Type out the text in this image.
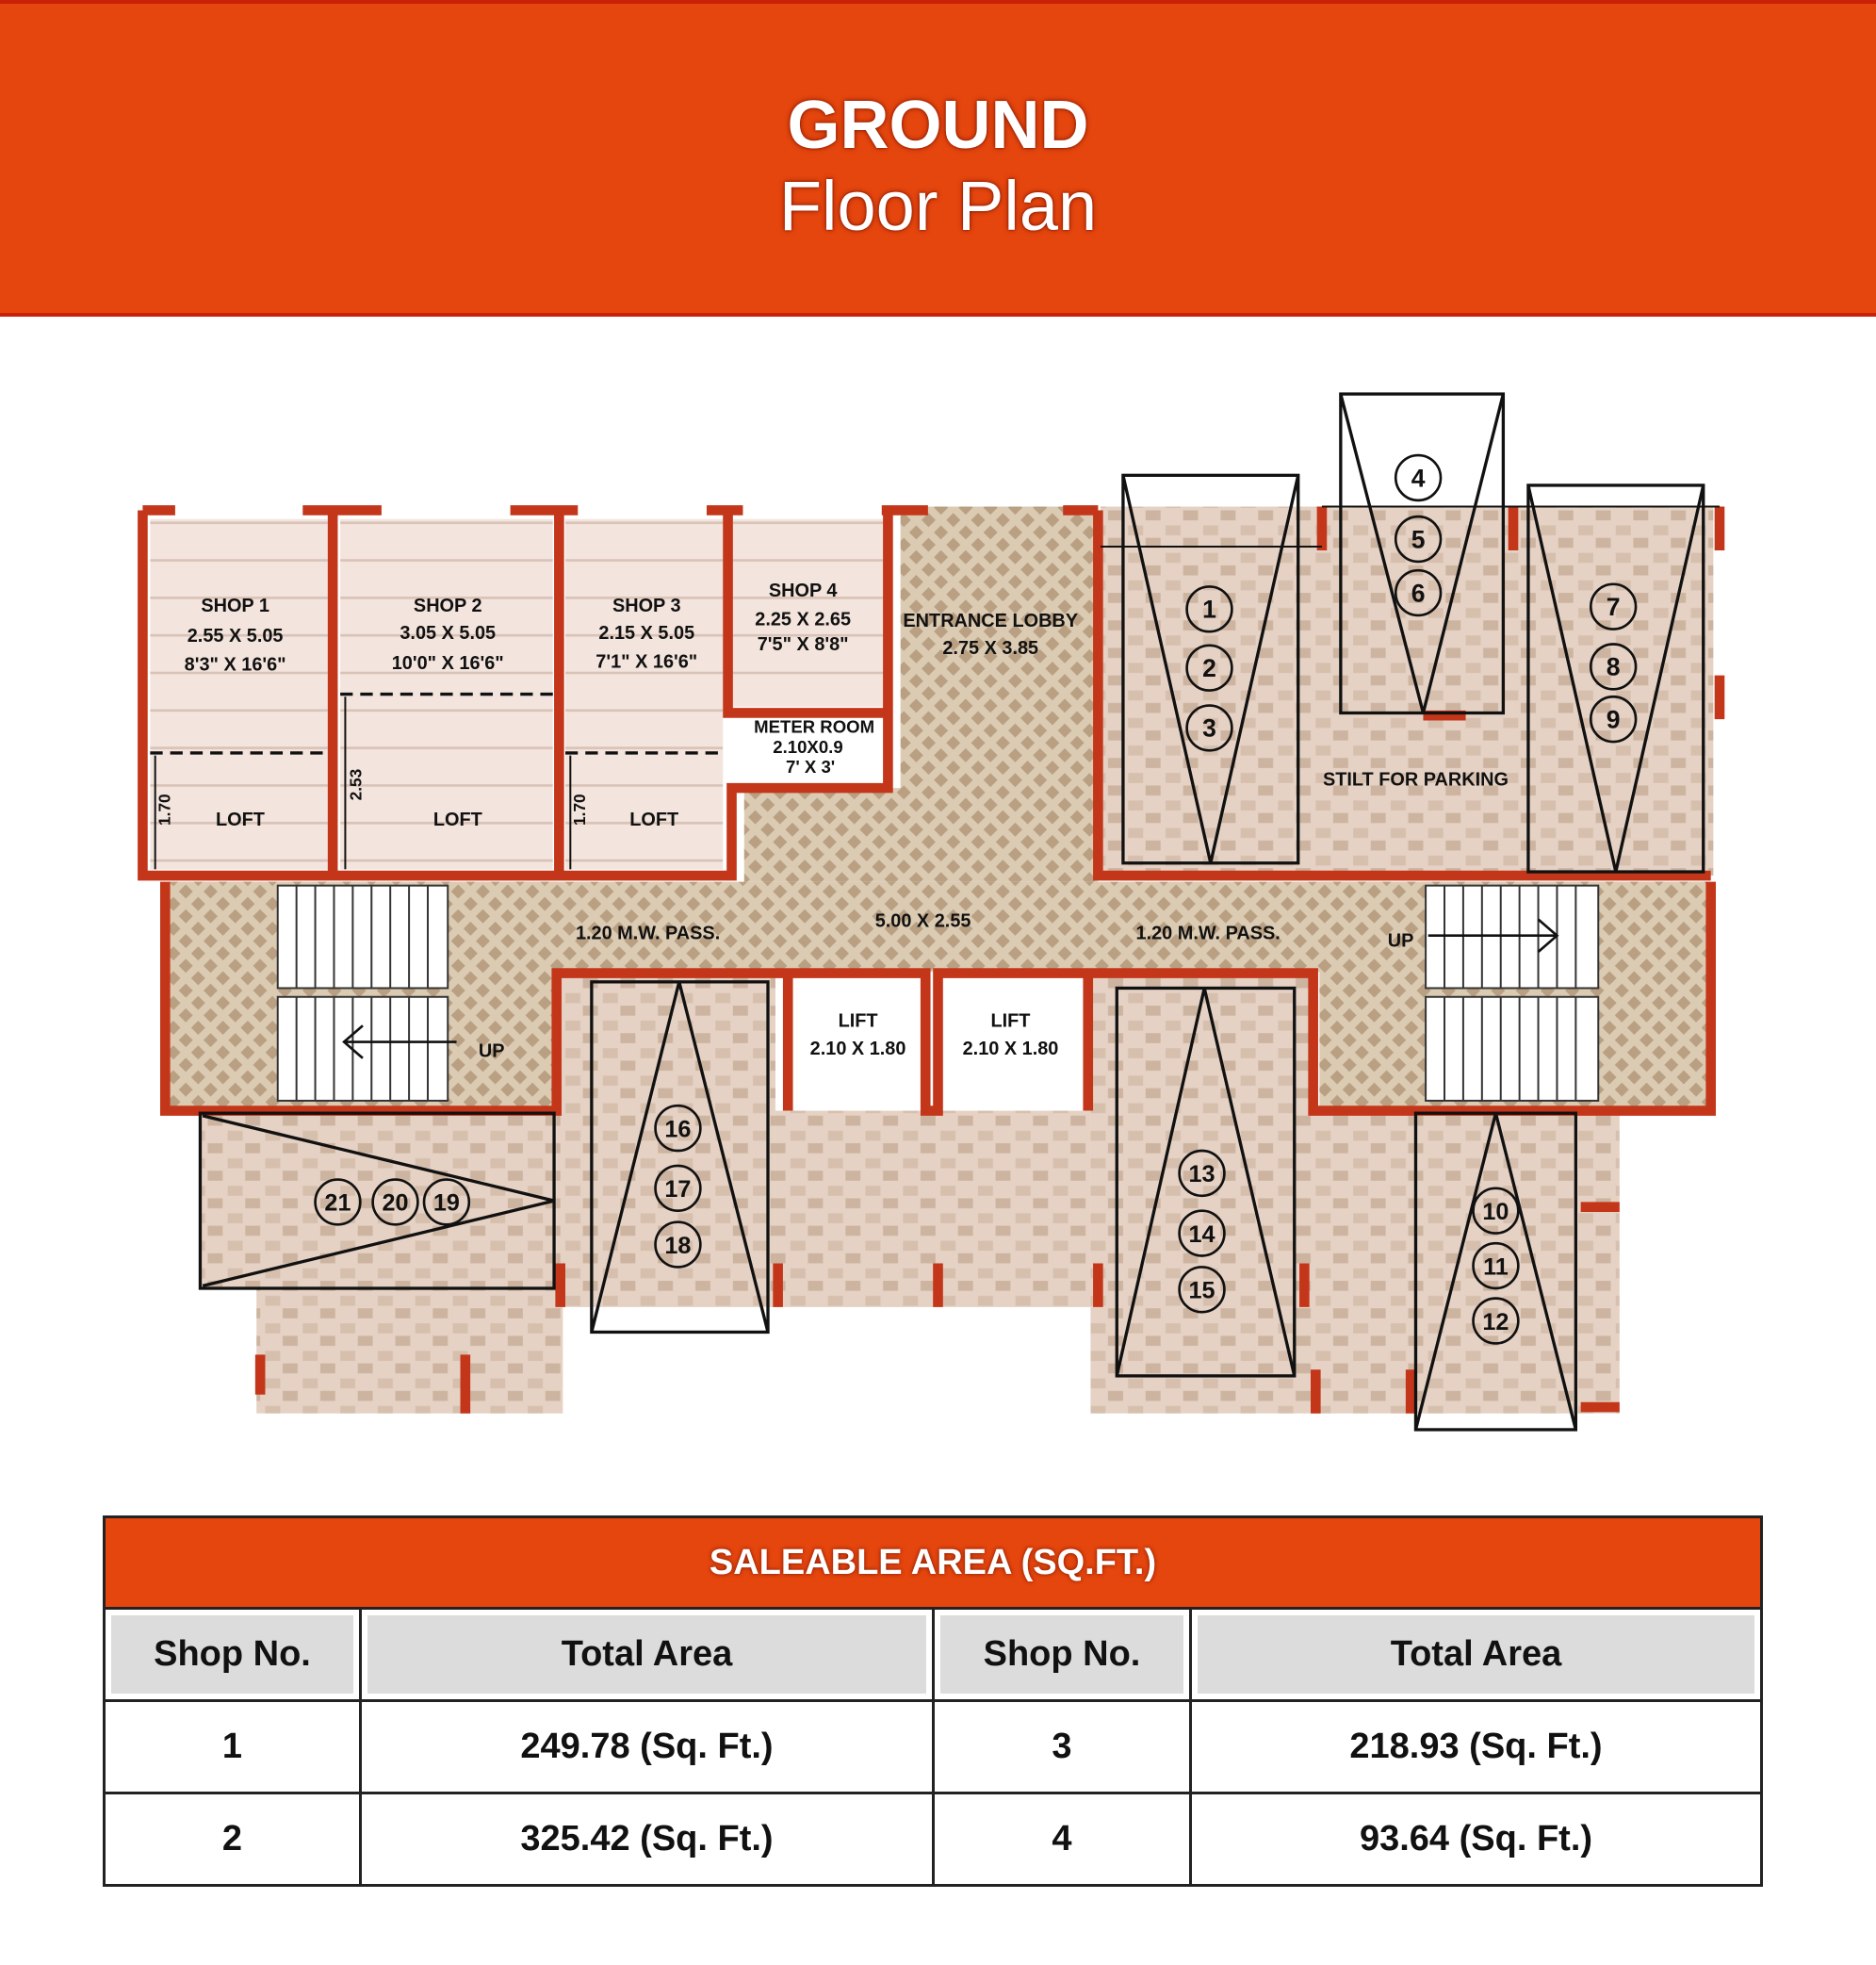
GROUND
Floor Plan
1
2
3
4
5
6	7
8
9
10
11
12
13
14
15
16
17
18
19
20
21
1.70
2.53
1.70
SHOP 1
2.55 X 5.05
8'3" X 16'6"
SHOP 2
3.05 X 5.05
10'0" X 16'6"
SHOP 3
2.15 X 5.05
7'1" X 16'6"
SHOP 4
2.25 X 2.65
7'5" X 8'8"
METER ROOM
2.10X0.9
7' X 3'
ENTRANCE LOBBY
2.75 X 3.85
LOFT	LOFT	LOFT
1.20 M.W. PASS.
5.00 X 2.55
1.20 M.W. PASS.
LIFT
2.10 X 1.80
LIFT
2.10 X 1.80
STILT FOR PARKING
UP
UP
SALEABLE AREA (SQ.FT.)
Shop No.	Total Area	Shop No.	Total Area
1	249.78 (Sq. Ft.)	3	218.93 (Sq. Ft.)
2	325.42 (Sq. Ft.)	4	93.64 (Sq. Ft.)
